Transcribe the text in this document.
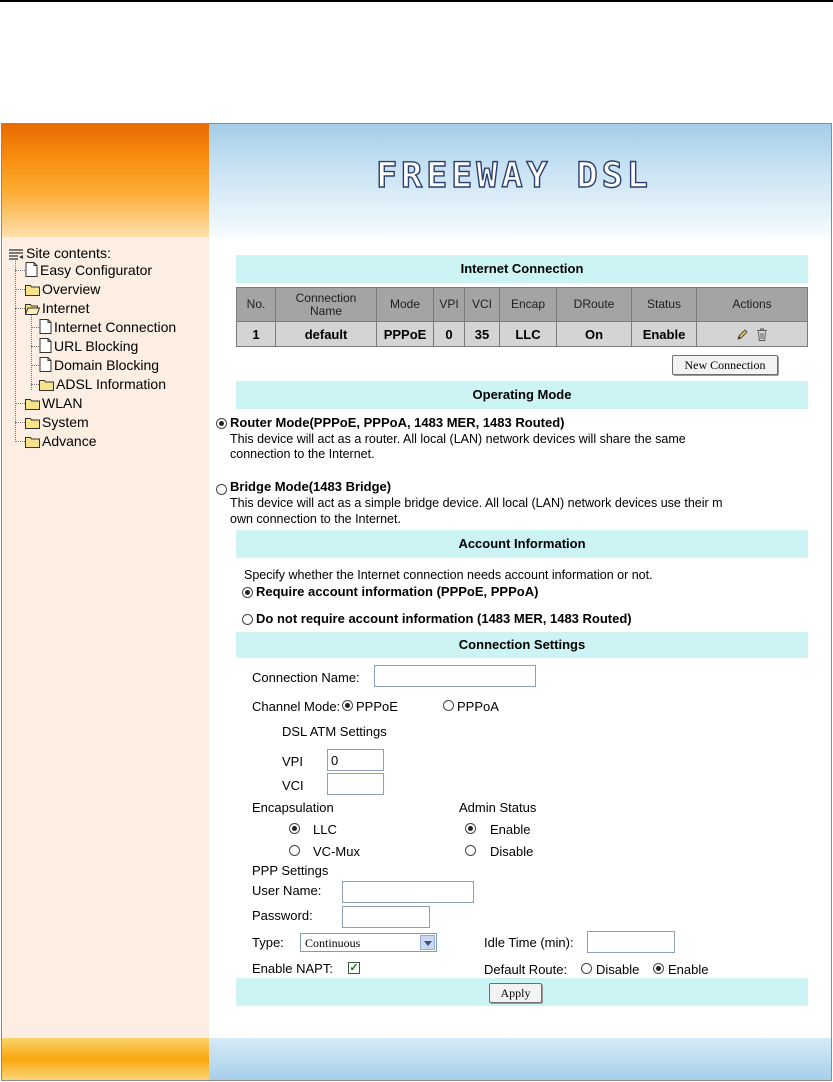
FREEWAY DSL
Site contents:
Easy Configurator
Overview
Internet
Internet Connection
URL Blocking
Domain Blocking
ADSL Information
WLAN
System
Advance
Internet Connection
No.	Connection Name	Mode	VPI	VCI	Encap	DRoute	Status	Actions
1	default	PPPoE	0	35	LLC	On	Enable	
New Connection
Operating Mode
Router Mode(PPPoE, PPPoA, 1483 MER, 1483 Routed)
This device will act as a router. All local (LAN) network devices will share the same
connection to the Internet.
Bridge Mode(1483 Bridge)
This device will act as a simple bridge device. All local (LAN) network devices use their m
own connection to the Internet.
Account Information
Specify whether the Internet connection needs account information or not.
Require account information (PPPoE, PPPoA)
Do not require account information (1483 MER, 1483 Routed)
Connection Settings
Connection Name:
Channel Mode: PPPoE	PPPoA
DSL ATM Settings
VPI
0
VCI
Encapsulation
LLC
VC-Mux
Admin Status
Enable
Disable
PPP Settings
User Name:
Password:
Type:	Continuous	Idle Time (min):
Enable NAPT: ✓	Default Route: Disable Enable
Apply
